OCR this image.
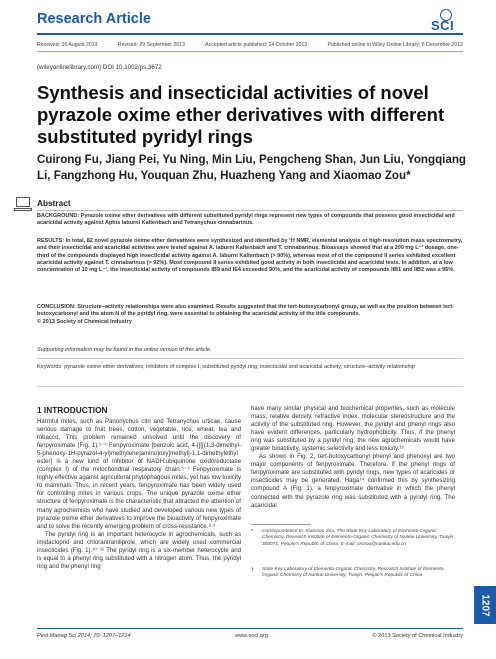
Research Article	SCI
Received: 16 August 2013	Revised: 29 September 2013	Accepted article published: 24 October 2013	Published online in Wiley Online Library: 6 December 2013
(wileyonlinelibrary.com) DOI 10.1002/ps.3672
Synthesis and insecticidal activities of novel pyrazole oxime ether derivatives with different substituted pyridyl rings
Cuirong Fu, Jiang Pei, Yu Ning, Min Liu, Pengcheng Shan, Jun Liu, Yongqiang Li, Fangzhong Hu, Youquan Zhu, Huazheng Yang and Xiaomao Zou*
Abstract

BACKGROUND: Pyrazole oxime ether derivatives with different substituted pyridyl rings represent new types of compounds that possess good insecticidal and acaricidal activity against Aphis laburni Kaltenbach and Tetranychus cinnabarinus.

RESULTS: In total, 82 novel pyrazole oxime ether derivatives were synthesized and identified by ¹H NMR, elemental analysis or high-resolution mass spectrometry, and their insecticidal and acaricidal activities were tested against A. laburni Kaltenbach and T. cinnabarinus. Bioassays showed that at a 200 mg L⁻¹ dosage, one-third of the compounds displayed high insecticidal activity against A. laburni Kaltenbach (> 90%), whereas most of of the compound II series exhibited excellent acaricidal activity against T. cinnabarinus (> 92%). Most compound II series exhibited good activity in both insecticidal and acaricidal tests. In addition, at a low concentration of 10 mg L⁻¹, the insecticidal activity of compounds IB9 and IE4 exceeded 90%, and the acaricidal activity of compounds IIB1 and IIB2 was ≥ 95%.

CONCLUSION: Structure–activity relationships were also examined. Results suggested that the tert-butoxycarbonyl group, as well as the position between tert-butoxycarbonyl and the atom N of the pyridyl ring, were essential to obtaining the acaricidal activity of the title compounds.
© 2013 Society of Chemical Industry
Supporting information may be found in the online version of this article.
Keywords: pyrazole oxime ether derivatives; inhibitors of complex I; substituted pyridyl ring; insecticidal and acaricidal activity; structure–activity relationship
1 INTRODUCTION

Harmful mites, such as Panonychus citri and Tetranychus urticae, cause serious damage to fruit trees, cotton, vegetable, rice, wheat, tea and tobacco. This problem remained unsolved until the discovery of fenpyroximate (Fig. 1).¹⁻⁴ Fenpyroximate [benzoic acid, 4-[[[[(1,3-dimethyl-5-phenoxy-1H-pyrazol-4-yl)methylene]amino]oxy]methyl]-1,1-dimethylethyl ester] is a new kind of inhibitor of NADH:ubiquinone oxidoreductase (complex I) of the mitochondrial respiratory chain.⁵⁻⁷ Fenpyroximate is highly effective against agricultural phytophagous mites, yet has low toxicity to mammals. Thus, in recent years, fenpyroximate has been widely used for controlling mites in various crops. The unique pyrazole oxime ether structure of fenpyroximate is the characteristic that attracted the attention of many agrochemists who have studied and developed various new types of pyrazole oxime ether derivatives to improve the bioactivity of fenpyroximate and to solve the recently emerging problem of cross-resistance.⁸·⁹

The pyridyl ring is an important heterocycle in agrochemicals, such as imidacloprid and chlorantraniliprole, which are widely used commercial insecticides (Fig. 1).¹⁰⁻¹² The pyridyl ring is a six-member heterocycle and is equal to a phenyl ring substituted with a nitrogen atom. Thus, the pyridyl ring and the phenyl ring

have many similar physical and biochemical properties, such as molecule mass, relative density, refractive index, molecular stereostructure and the activity of the substituted ring. However, the pyridyl and phenyl rings also have evident differences, particularly hydrophobicity. Thus, if the phenyl ring was substituted by a pyridyl ring, the new agrochemicals would have greater bioactivity, systemic selectivity and less toxicity.¹³

As shown in Fig. 2, tert-butoxycarbonyl phenyl and phenoxyl are two major components of fenpyroximate. Therefore, if the phenyl rings of fenpyroximate are substituted with pyridyl rings, new types of acaricides or insecticides may be generated. Haga¹⁴ confirmed this by synthesizing compound A (Fig. 1), a fenpyroximate derivative in which the phenyl connected with the pyrazole ring was substituted with a pyridyl ring. The acaricidal

* Correspondence to: Xiaomao Zou, The State Key Laboratory of Elemento-Organic Chemistry, Research Institute of Elemento-Organic Chemistry of Nankai University, Tianjin 300071, People's Republic of China. E-mail: xmzou@nankai.edu.cn
† State Key Laboratory of Elemento-Organic Chemistry, Research Institute of Elemento-Organic Chemistry of Nankai University, Tianjin, People's Republic of China
1207
Pest Manag Sci 2014; 70: 1207–1214	www.soci.org	© 2013 Society of Chemical Industry
